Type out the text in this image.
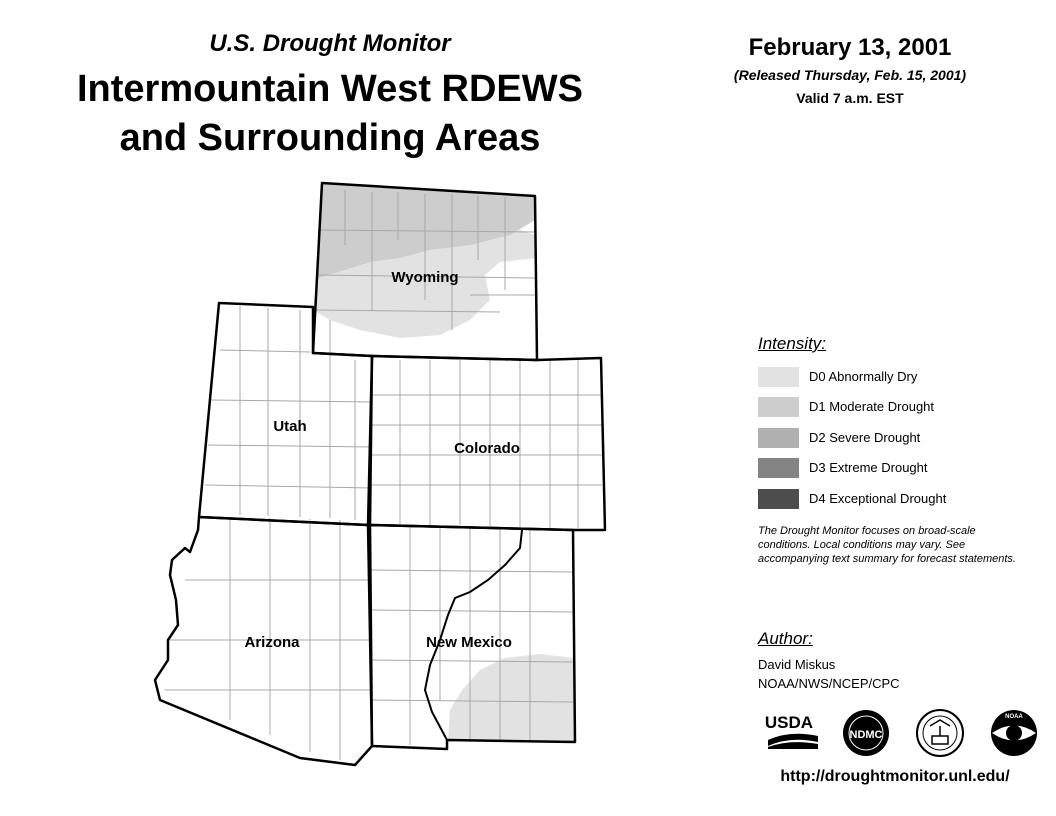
U.S. Drought Monitor
Intermountain West RDEWS
and Surrounding Areas
February 13, 2001
(Released Thursday, Feb. 15, 2001)
Valid 7 a.m. EST
Wyoming
Utah
Colorado
Arizona	New Mexico
Intensity:
D0 Abnormally Dry
D1 Moderate Drought
D2 Severe Drought
D3 Extreme Drought
D4 Exceptional Drought
The Drought Monitor focuses on broad-scale conditions. Local conditions may vary. See accompanying text summary for forecast statements.
Author:
David Miskus
NOAA/NWS/NCEP/CPC
USDA
NDMC
NOAA
http://droughtmonitor.unl.edu/
